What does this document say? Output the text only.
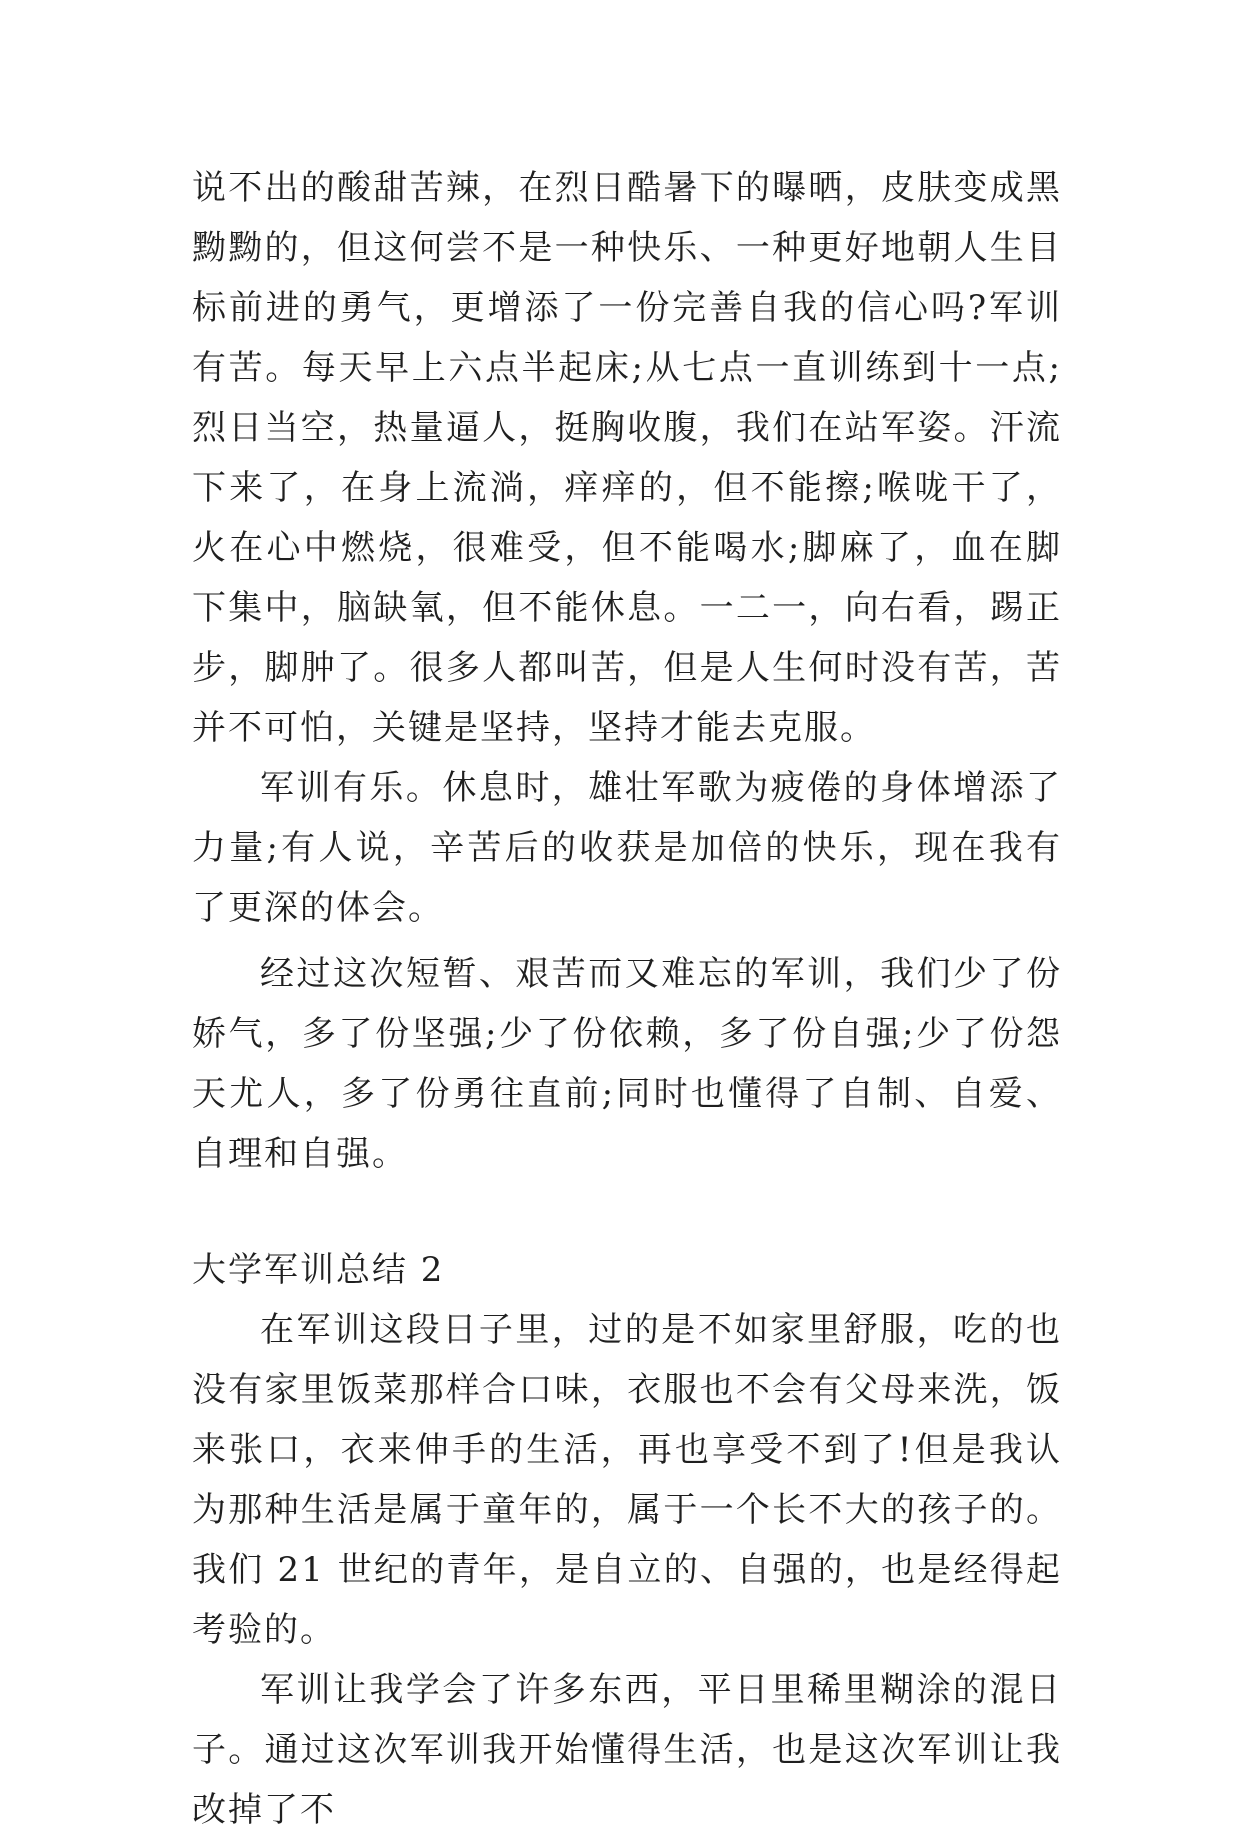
说不出的酸甜苦辣，在烈日酷暑下的曝晒，皮肤变成黑黝黝的，但这何尝不是一种快乐、一种更好地朝人生目标前进的勇气，更增添了一份完善自我的信心吗?军训有苦。每天早上六点半起床;从七点一直训练到十一点;烈日当空，热量逼人，挺胸收腹，我们在站军姿。汗流下来了，在身上流淌，痒痒的，但不能擦;喉咙干了，火在心中燃烧，很难受，但不能喝水;脚麻了，血在脚下集中，脑缺氧，但不能休息。一二一，向右看，踢正步，脚肿了。很多人都叫苦，但是人生何时没有苦，苦并不可怕，关键是坚持，坚持才能去克服。

军训有乐。休息时，雄壮军歌为疲倦的身体增添了力量;有人说，辛苦后的收获是加倍的快乐，现在我有了更深的体会。

经过这次短暂、艰苦而又难忘的军训，我们少了份娇气，多了份坚强;少了份依赖，多了份自强;少了份怨天尤人，多了份勇往直前;同时也懂得了自制、自爱、自理和自强。

大学军训总结 2

在军训这段日子里，过的是不如家里舒服，吃的也没有家里饭菜那样合口味，衣服也不会有父母来洗，饭来张口，衣来伸手的生活，再也享受不到了!但是我认为那种生活是属于童年的，属于一个长不大的孩子的。我们 21 世纪的青年，是自立的、自强的，也是经得起考验的。

军训让我学会了许多东西，平日里稀里糊涂的混日子。通过这次军训我开始懂得生活，也是这次军训让我改掉了不
